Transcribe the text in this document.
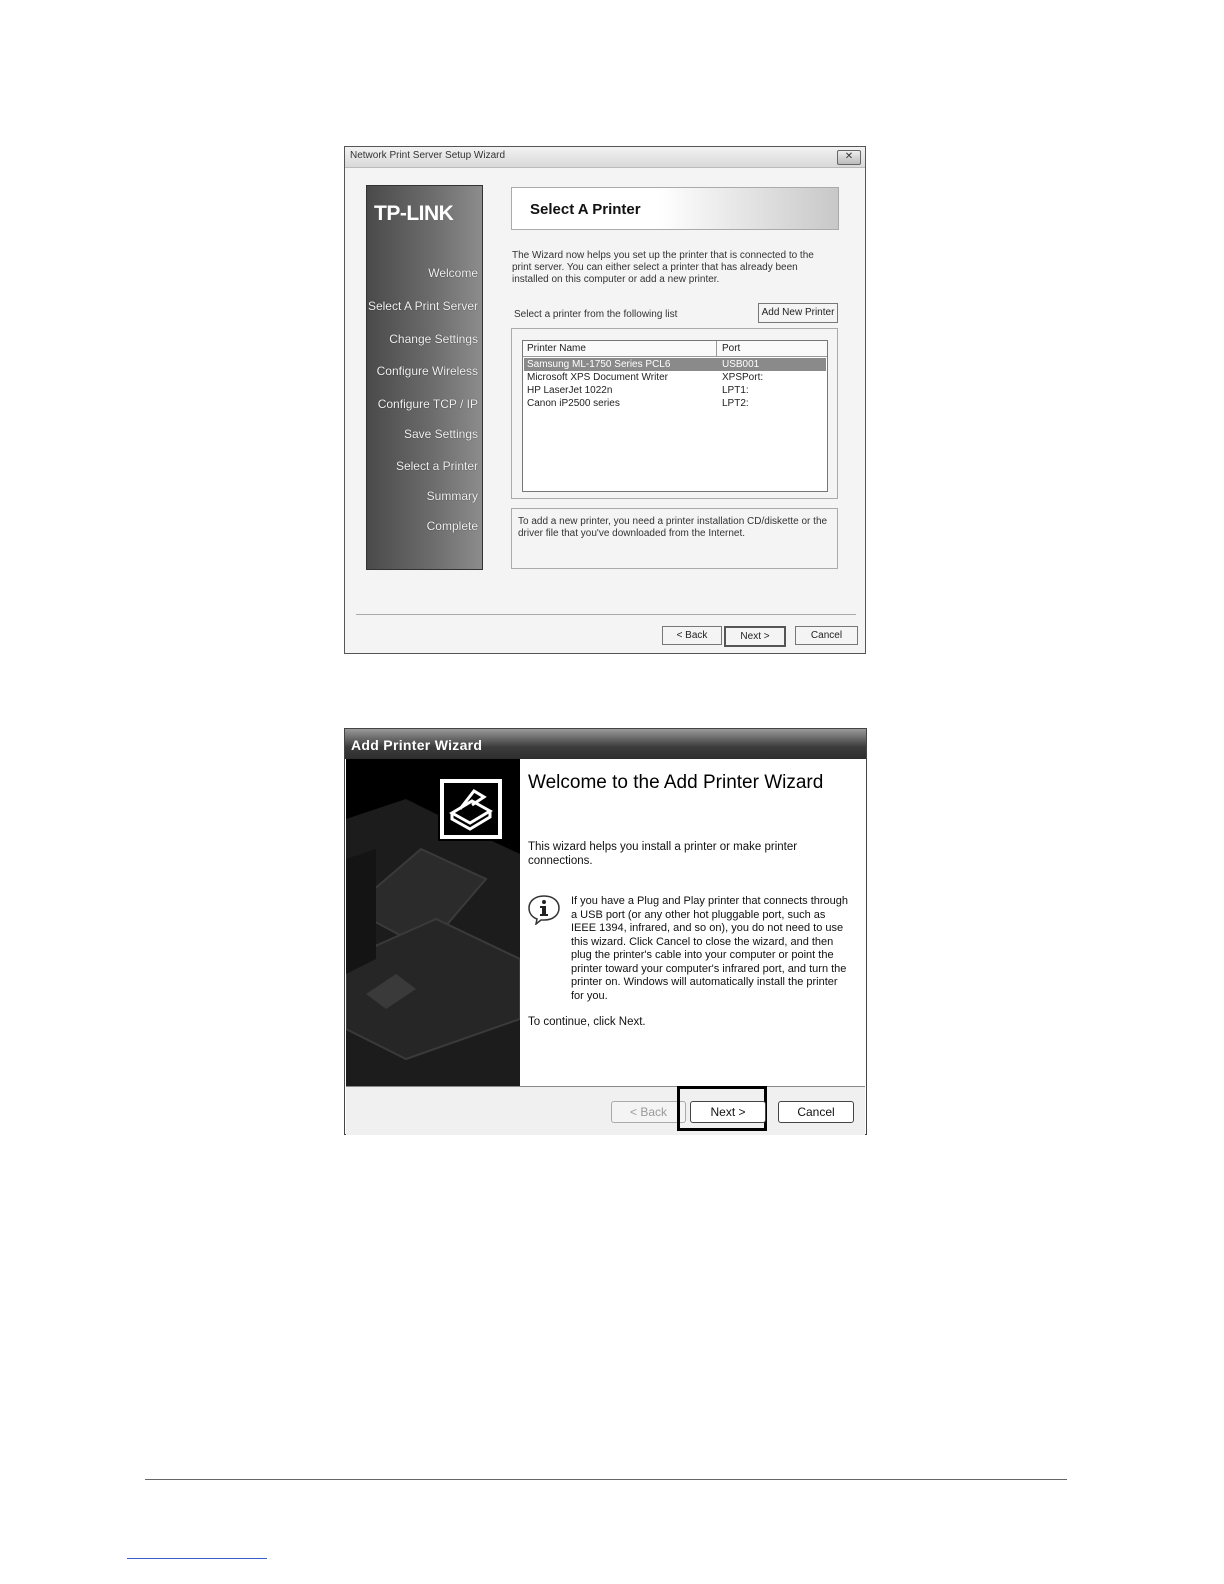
Network Print Server Setup Wizard	✕
TP-LINK
Welcome
Select A Print Server
Change Settings
Configure Wireless
Configure TCP / IP
Save Settings
Select a Printer
Summary
Complete
Select A Printer
The Wizard now helps you set up the printer that is connected to the print server. You can either select a printer that has already been installed on this computer or add a new printer.
Select a printer from the following list	Add New Printer
Printer Name	Port
Samsung ML-1750 Series PCL6	USB001
Microsoft XPS Document Writer	XPSPort:
HP LaserJet 1022n	LPT1:
Canon iP2500 series	LPT2:
To add a new printer, you need a printer installation CD/diskette or the driver file that you've downloaded from the Internet.
< Back	Next >	Cancel
Add Printer Wizard
Welcome to the Add Printer Wizard
This wizard helps you install a printer or make printer connections.
If you have a Plug and Play printer that connects through a USB port (or any other hot pluggable port, such as IEEE 1394, infrared, and so on), you do not need to use this wizard. Click Cancel to close the wizard, and then plug the printer's cable into your computer or point the printer toward your computer's infrared port, and turn the printer on. Windows will automatically install the printer for you.
To continue, click Next.
< Back	Next >	Cancel
